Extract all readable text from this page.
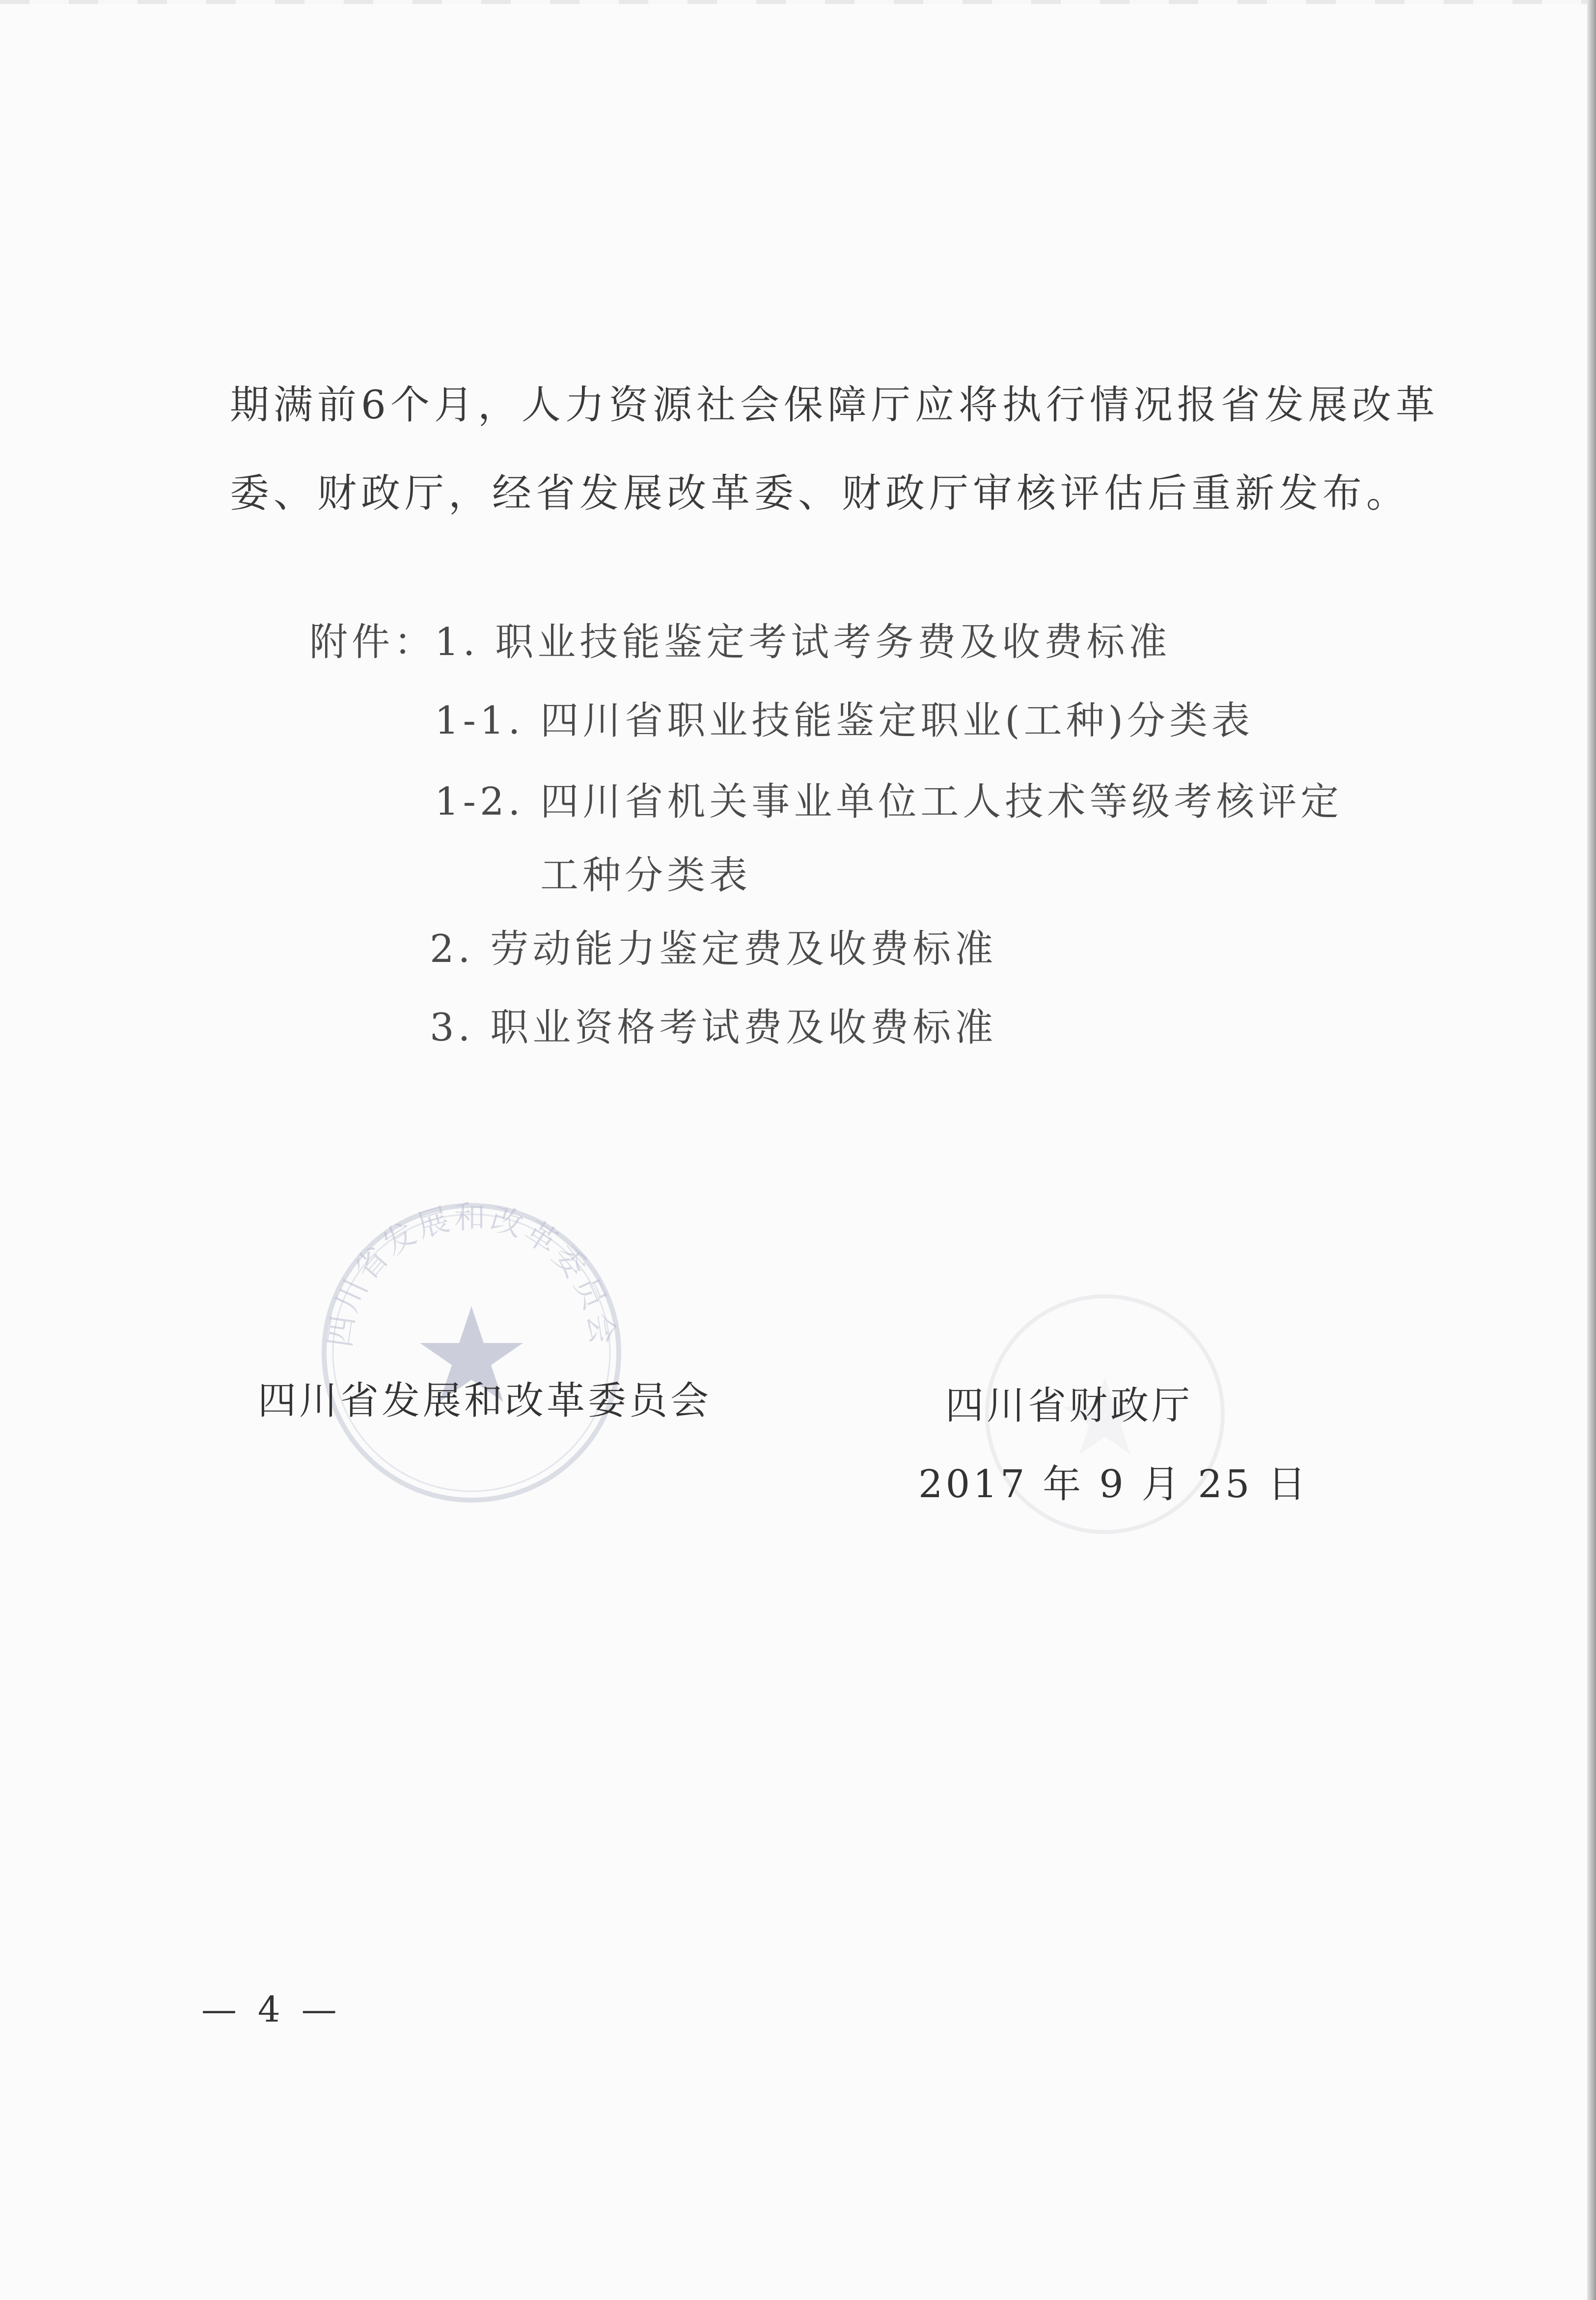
期满前6个月，人力资源社会保障厅应将执行情况报省发展改革
委、财政厅，经省发展改革委、财政厅审核评估后重新发布。
附件：
1. 职业技能鉴定考试考务费及收费标准
1-1. 四川省职业技能鉴定职业(工种)分类表
1-2. 四川省机关事业单位工人技术等级考核评定
工种分类表
2. 劳动能力鉴定费及收费标准
3. 职业资格考试费及收费标准
四川省发展和改革委员会
四川省发展和改革委员会	四川省财政厅
2017 年 9 月 25 日
— 4 —
